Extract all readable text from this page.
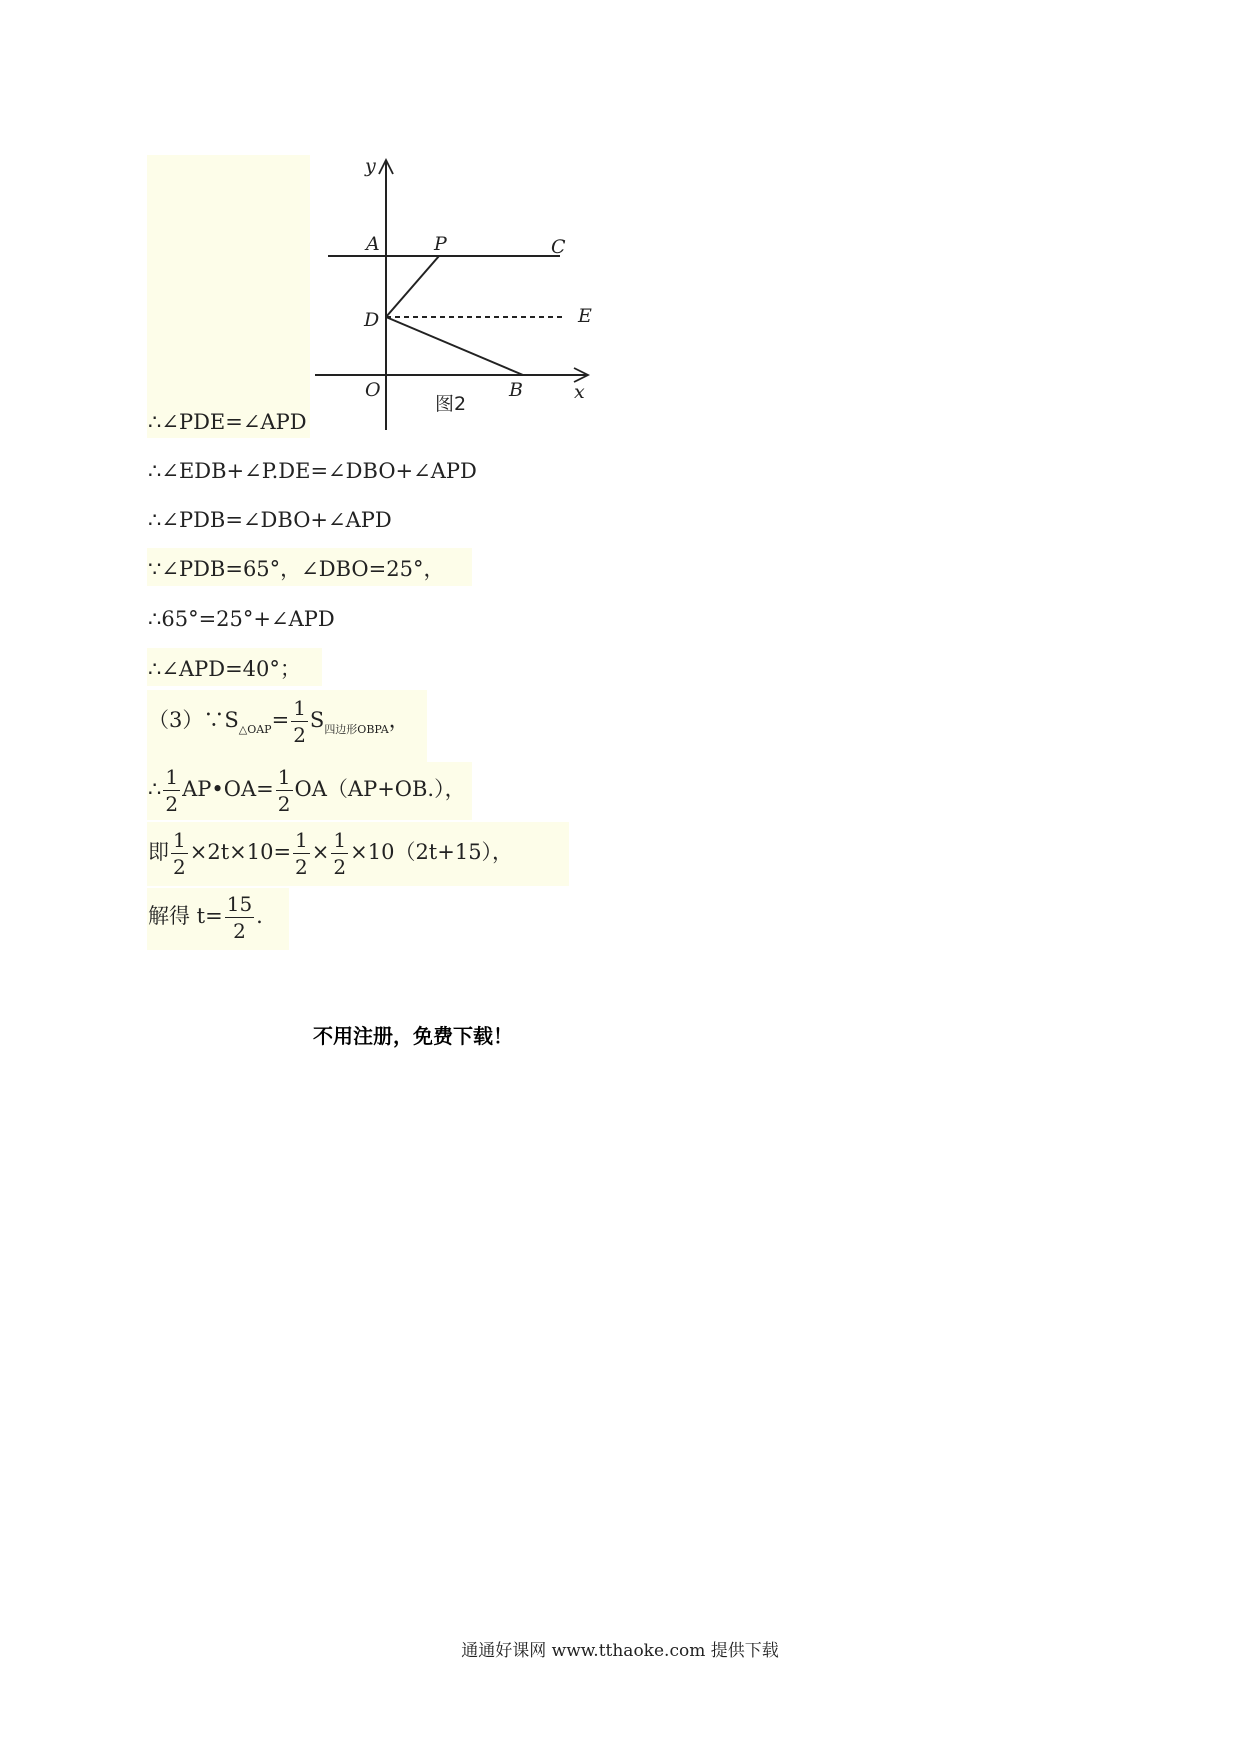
y
A	P	C
D	E
O	B	x
图2
∴∠PDE=∠APD
∴∠EDB+∠P.DE=∠DBO+∠APD
∴∠PDB=∠DBO+∠APD
∵∠PDB=65°，∠DBO=25°，
∴65°=25°+∠APD
∴∠APD=40°；
$(3)\because S_{\triangle OAP}= \frac{1}{2} S_{四边形OBPA}$，
∴ $\frac{1}{2}$ AP•OA= $\frac{1}{2} OA(AP+OB.)$，
即 $\frac{1}{2} \times 2t\times 10= \frac{1}{2} \times \frac{1}{2} \times 10(2t+15)$，
解得 $t= \frac{15}{2}$ .
不用注册，免费下载！
通通好课网 www.tthaoke.com 提供下载
